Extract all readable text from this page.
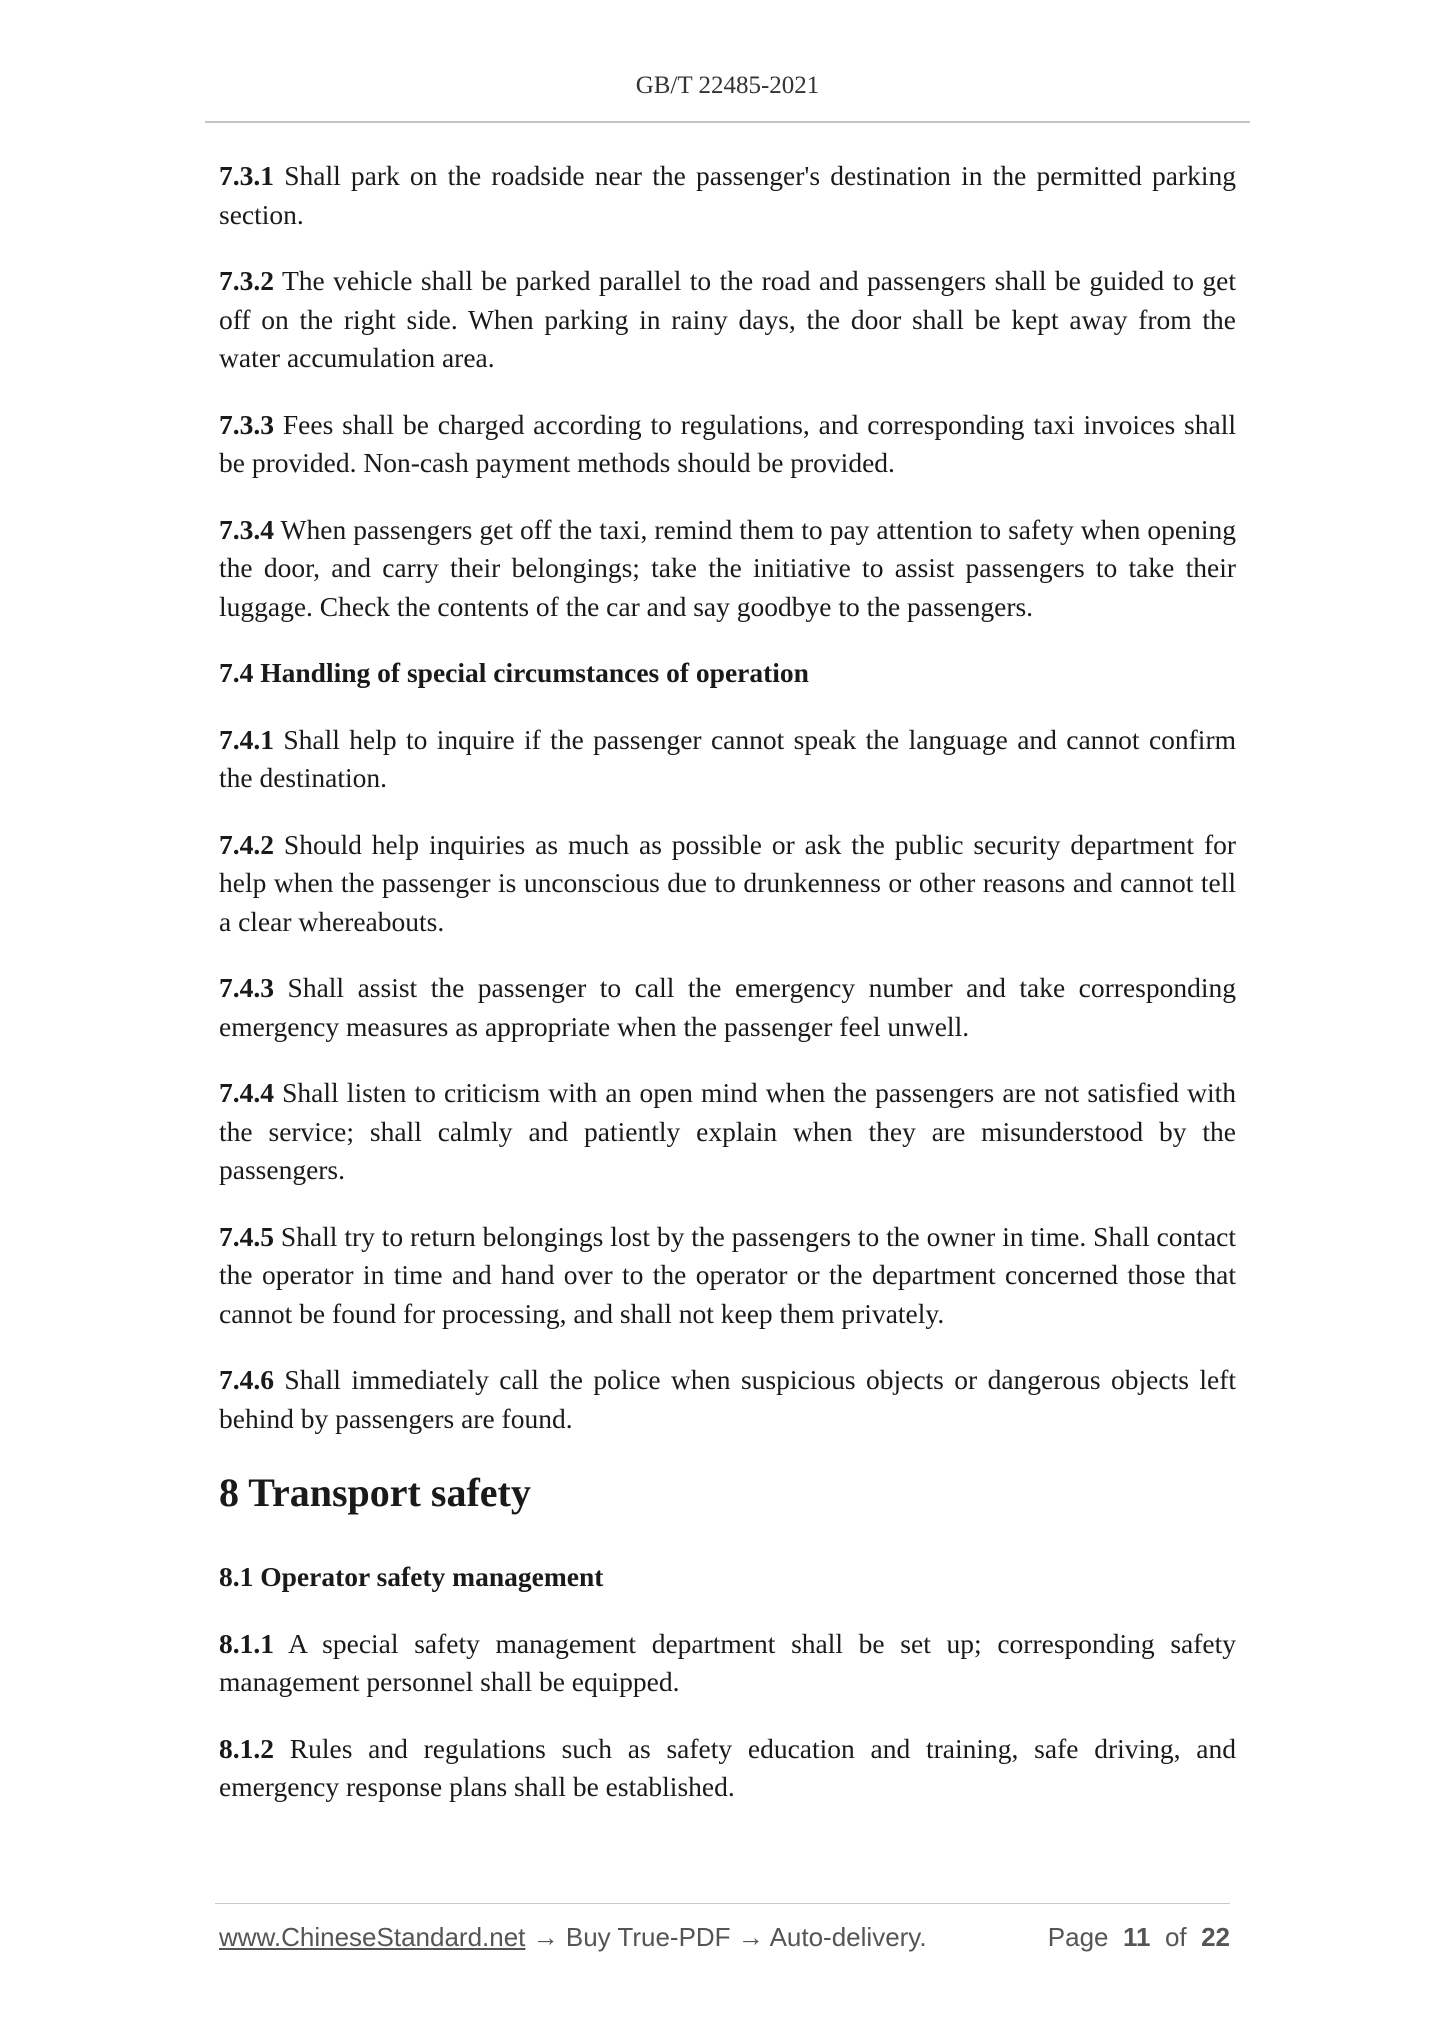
GB/T 22485-2021
7.3.1 Shall park on the roadside near the passenger's destination in the permitted parking section.
7.3.2 The vehicle shall be parked parallel to the road and passengers shall be guided to get off on the right side. When parking in rainy days, the door shall be kept away from the water accumulation area.
7.3.3 Fees shall be charged according to regulations, and corresponding taxi invoices shall be provided. Non-cash payment methods should be provided.
7.3.4 When passengers get off the taxi, remind them to pay attention to safety when opening the door, and carry their belongings; take the initiative to assist passengers to take their luggage. Check the contents of the car and say goodbye to the passengers.
7.4 Handling of special circumstances of operation
7.4.1 Shall help to inquire if the passenger cannot speak the language and cannot confirm the destination.
7.4.2 Should help inquiries as much as possible or ask the public security department for help when the passenger is unconscious due to drunkenness or other reasons and cannot tell a clear whereabouts.
7.4.3 Shall assist the passenger to call the emergency number and take corresponding emergency measures as appropriate when the passenger feel unwell.
7.4.4 Shall listen to criticism with an open mind when the passengers are not satisfied with the service; shall calmly and patiently explain when they are misunderstood by the passengers.
7.4.5 Shall try to return belongings lost by the passengers to the owner in time. Shall contact the operator in time and hand over to the operator or the department concerned those that cannot be found for processing, and shall not keep them privately.
7.4.6 Shall immediately call the police when suspicious objects or dangerous objects left behind by passengers are found.
8 Transport safety
8.1 Operator safety management
8.1.1 A special safety management department shall be set up; corresponding safety management personnel shall be equipped.
8.1.2 Rules and regulations such as safety education and training, safe driving, and emergency response plans shall be established.
www.ChineseStandard.net → Buy True-PDF → Auto-delivery.	Page 11 of 22
